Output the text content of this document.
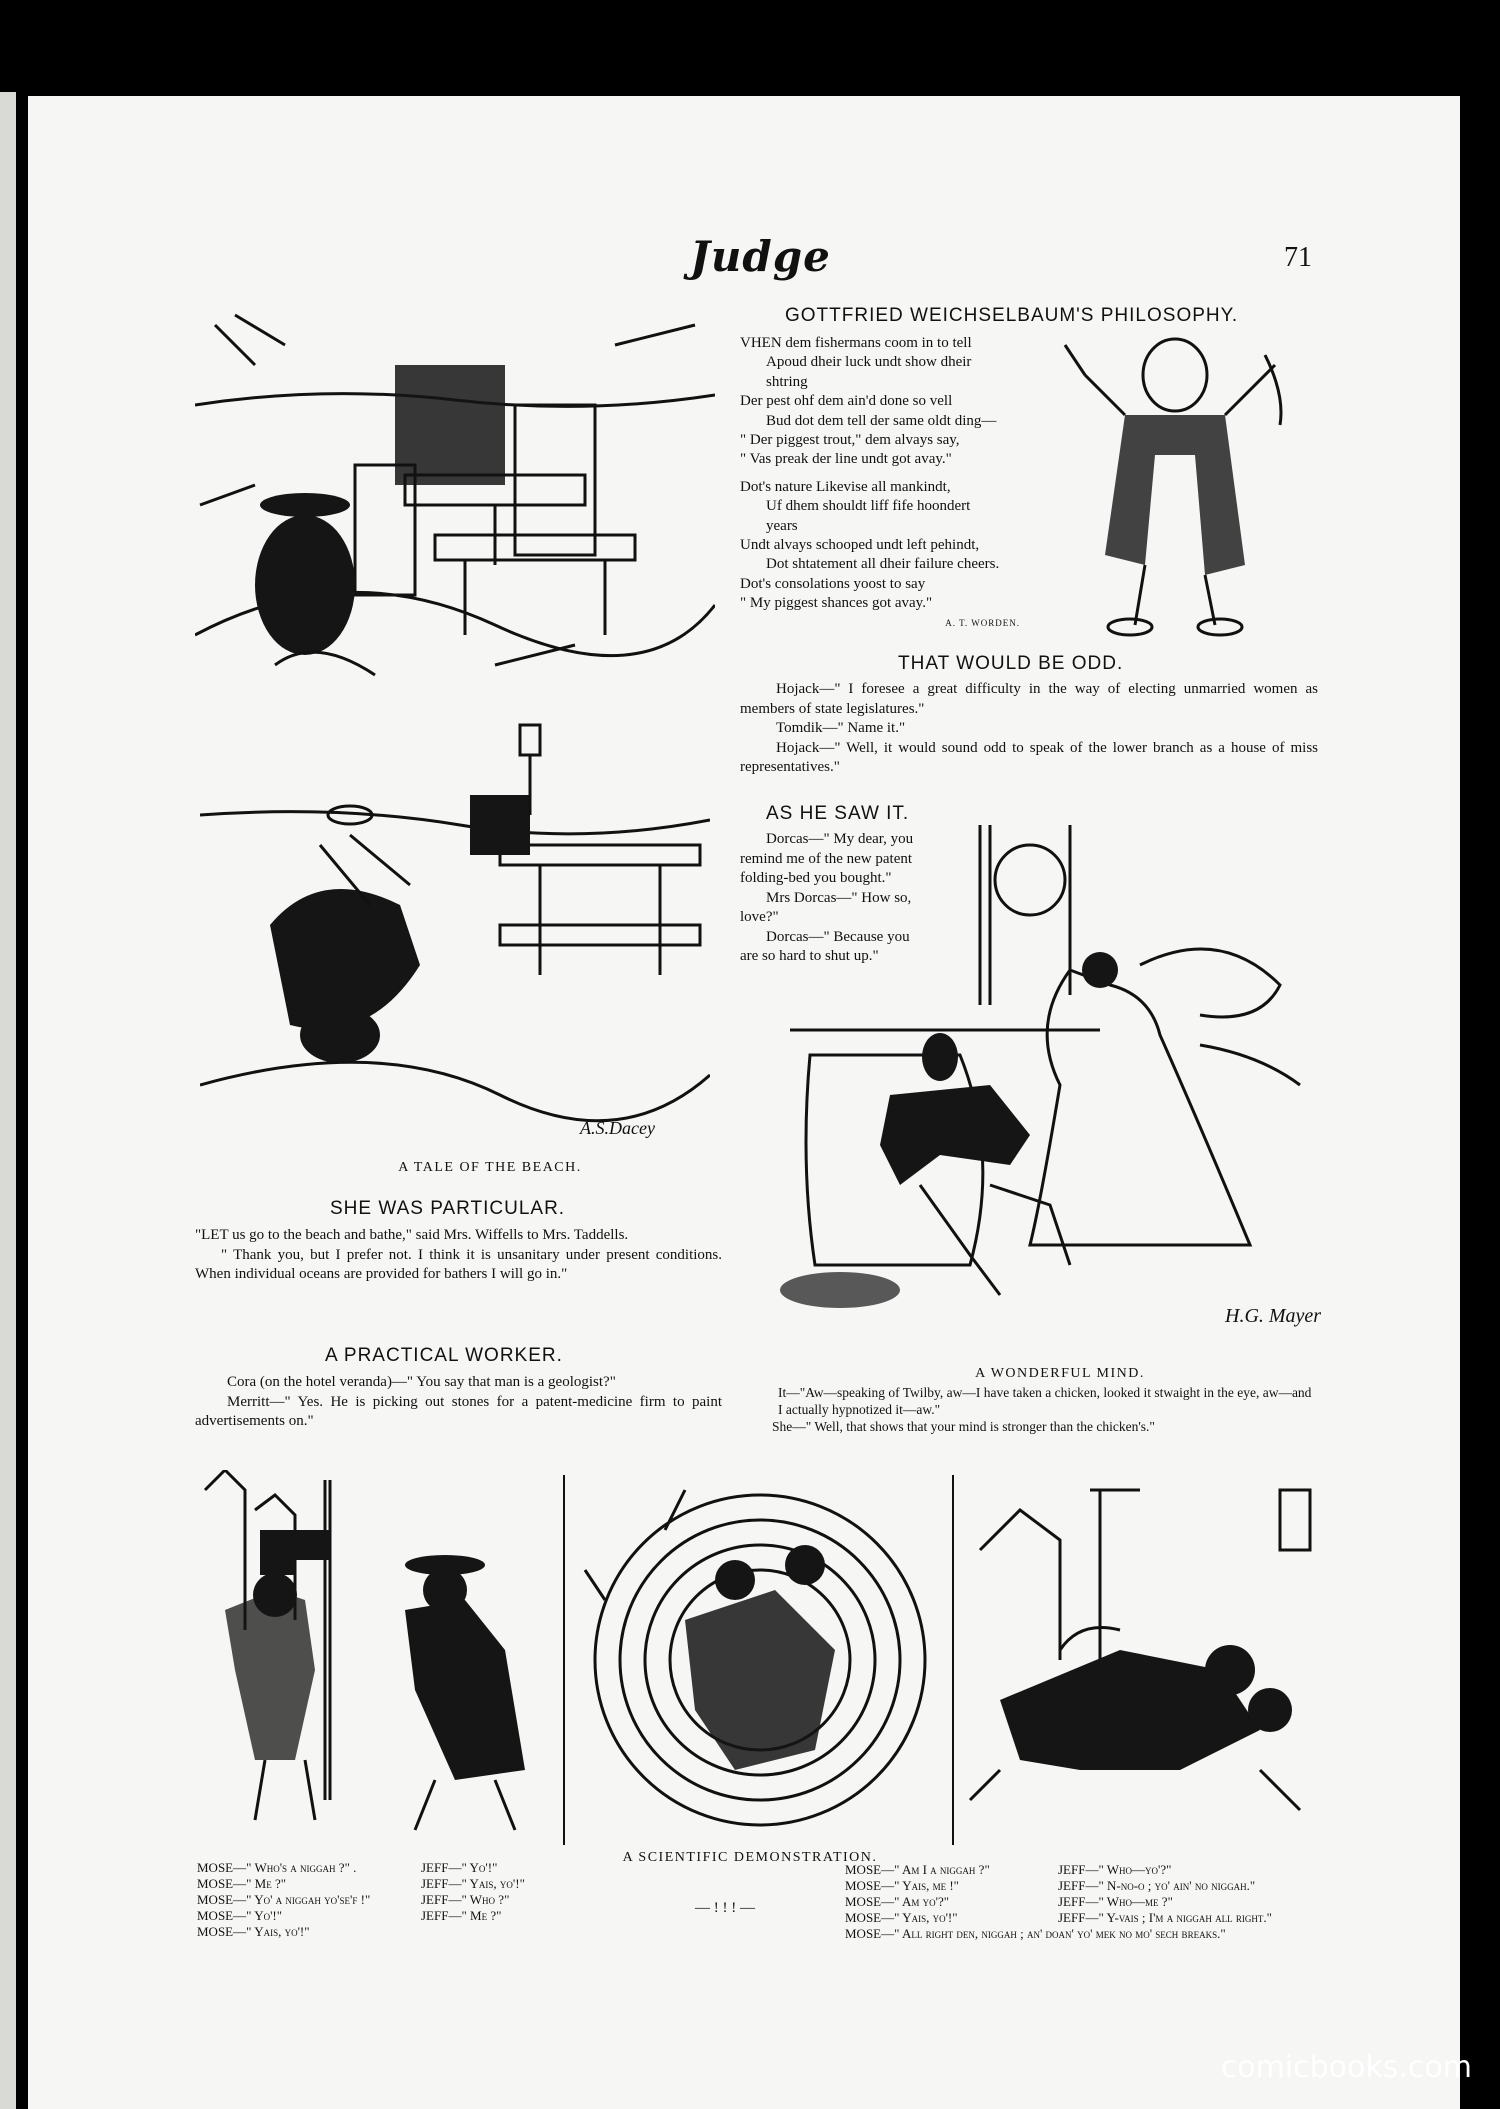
Judge	71
A.S.Dacey
A TALE OF THE BEACH.
GOTTFRIED WEICHSELBAUM'S PHILOSOPHY.

VHEN dem fishermans coom in to tell

Apoud dheir luck undt show dheir

shtring

Der pest ohf dem ain'd done so vell

Bud dot dem tell der same oldt ding—

" Der piggest trout," dem alvays say,

" Vas preak der line undt got avay."

Dot's nature Likevise all mankindt,

Uf dhem shouldt liff fife hoondert

years

Undt alvays schooped undt left pehindt,

Dot shtatement all dheir failure cheers.

Dot's consolations yoost to say

" My piggest shances got avay."

A. T. WORDEN.

THAT WOULD BE ODD.

Hojack—" I foresee a great difficulty in the way of electing unmarried women as members of state legislatures."

Tomdik—" Name it."

Hojack—" Well, it would sound odd to speak of the lower branch as a house of miss representatives."

AS HE SAW IT.

Dorcas—" My dear, you

remind me of the new patent

folding-bed you bought."

Mrs Dorcas—" How so,

love?"

Dorcas—" Because you

are so hard to shut up."

H.G. Mayer
A WONDERFUL MIND.

It—"Aw—speaking of Twilby, aw—I have taken a chicken, looked it stwaight in the eye, aw—and I actually hypnotized it—aw."

She—" Well, that shows that your mind is stronger than the chicken's."

SHE WAS PARTICULAR.

"LET us go to the beach and bathe," said Mrs. Wiffells to Mrs. Taddells.

" Thank you, but I prefer not. I think it is unsanitary under present conditions. When individual oceans are provided for bathers I will go in."

A PRACTICAL WORKER.

Cora (on the hotel veranda)—" You say that man is a geologist?"

Merritt—" Yes. He is picking out stones for a patent-medicine firm to paint advertisements on."

A SCIENTIFIC DEMONSTRATION.
MOSE—" Who's a niggah ?" .	JEFF—" Yo'!"
MOSE—" Me ?"	JEFF—" Yais, yo'!"
MOSE—" Yo' a niggah yo'se'f !"	JEFF—" Who ?"
MOSE—" Yo'!"	JEFF—" Me ?"
MOSE—" Yais, yo'!"
— ! ! ! —
MOSE—" Am I a niggah ?"	JEFF—" Who—yo'?"
MOSE—" Yais, me !"	JEFF—" N-no-o ; yo' ain' no niggah."
MOSE—" Am yo'?"	JEFF—" Who—me ?"
MOSE—" Yais, yo'!"	JEFF—" Y-vais ; I'm a niggah all right."
MOSE—" All right den, niggah ; an' doan' yo' mek no mo' sech breaks."
comicbooks.com
